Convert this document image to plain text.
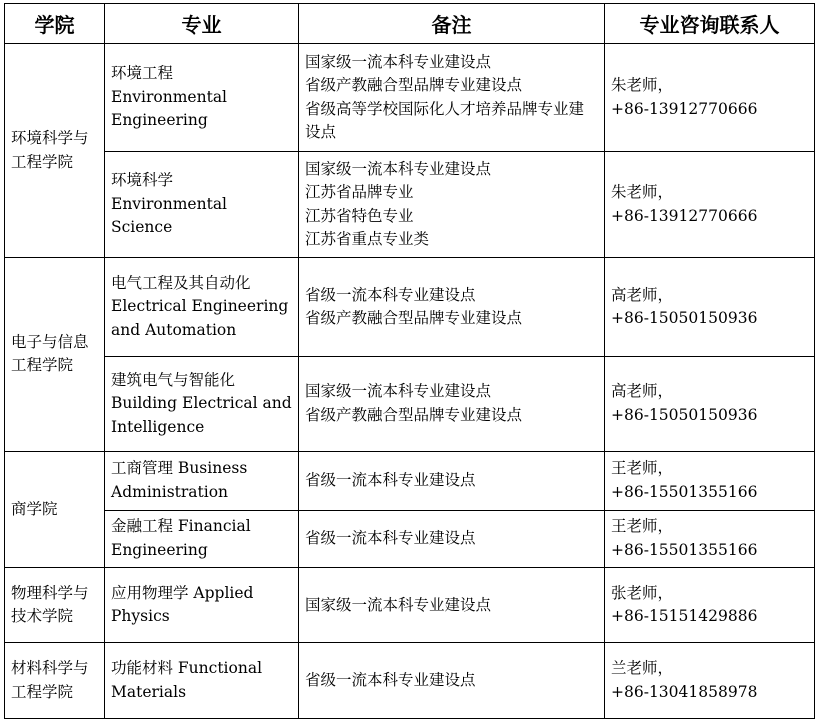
学院	专业	备注	专业咨询联系人
环境科学与工程学院	环境工程 Environmental Engineering	国家级一流本科专业建设点
省级产教融合型品牌专业建设点
省级高等学校国际化人才培养品牌专业建设点	朱老师，
+86-13912770666

	环境科学 Environmental Science	国家级一流本科专业建设点
江苏省品牌专业
江苏省特色专业
江苏省重点专业类	朱老师，
+86-13912770666

电子与信息工程学院	电气工程及其自动化 Electrical Engineering and Automation	省级一流本科专业建设点
省级产教融合型品牌专业建设点	高老师，
+86-15050150936

	建筑电气与智能化 Building Electrical and Intelligence	国家级一流本科专业建设点
省级产教融合型品牌专业建设点	高老师，
+86-15050150936

商学院	工商管理 Business Administration	省级一流本科专业建设点	王老师，
+86-15501355166

	金融工程 Financial Engineering	省级一流本科专业建设点	王老师，
+86-15501355166

物理科学与技术学院	应用物理学 Applied Physics	国家级一流本科专业建设点	张老师，
+86-15151429886

材料科学与工程学院	功能材料 Functional Materials	省级一流本科专业建设点	兰老师，
+86-13041858978
